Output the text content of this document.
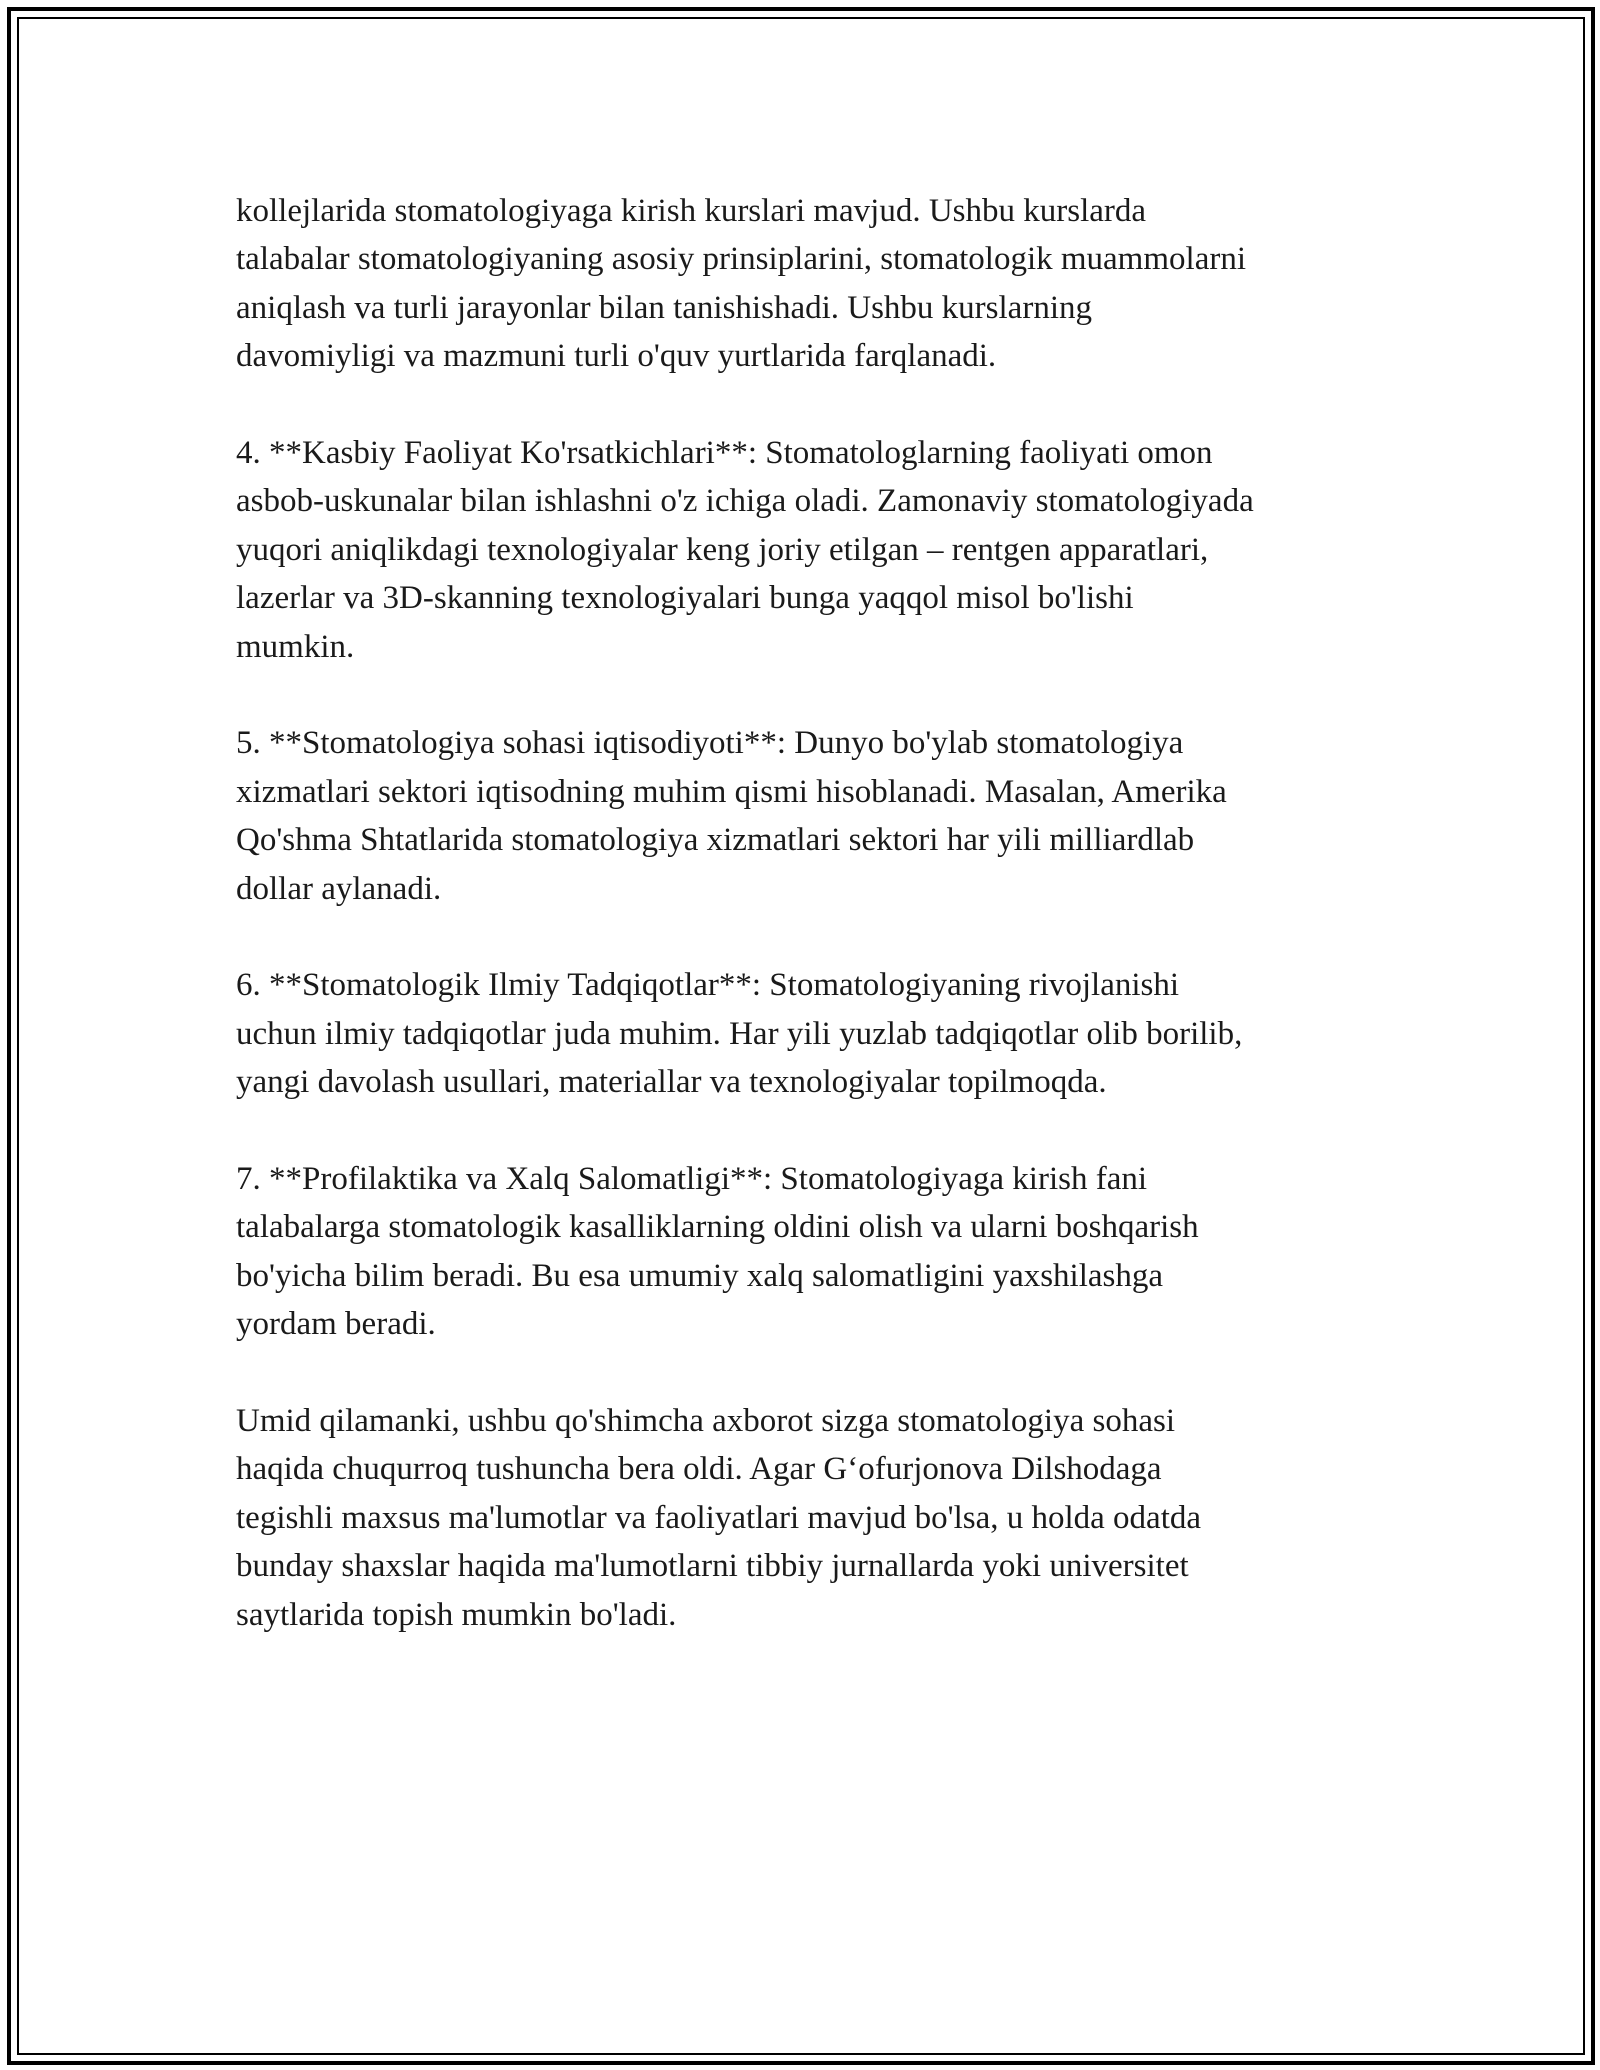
kollejlarida stomatologiyaga kirish kurslari mavjud. Ushbu kurslarda
talabalar stomatologiyaning asosiy prinsiplarini, stomatologik muammolarni
aniqlash va turli jarayonlar bilan tanishishadi. Ushbu kurslarning
davomiyligi va mazmuni turli o'quv yurtlarida farqlanadi.

4. **Kasbiy Faoliyat Ko'rsatkichlari**: Stomatologlarning faoliyati omon
asbob-uskunalar bilan ishlashni o'z ichiga oladi. Zamonaviy stomatologiyada
yuqori aniqlikdagi texnologiyalar keng joriy etilgan – rentgen apparatlari,
lazerlar va 3D-skanning texnologiyalari bunga yaqqol misol bo'lishi
mumkin.

5. **Stomatologiya sohasi iqtisodiyoti**: Dunyo bo'ylab stomatologiya
xizmatlari sektori iqtisodning muhim qismi hisoblanadi. Masalan, Amerika
Qo'shma Shtatlarida stomatologiya xizmatlari sektori har yili milliardlab
dollar aylanadi.

6. **Stomatologik Ilmiy Tadqiqotlar**: Stomatologiyaning rivojlanishi
uchun ilmiy tadqiqotlar juda muhim. Har yili yuzlab tadqiqotlar olib borilib,
yangi davolash usullari, materiallar va texnologiyalar topilmoqda.

7. **Profilaktika va Xalq Salomatligi**: Stomatologiyaga kirish fani
talabalarga stomatologik kasalliklarning oldini olish va ularni boshqarish
bo'yicha bilim beradi. Bu esa umumiy xalq salomatligini yaxshilashga
yordam beradi.

Umid qilamanki, ushbu qo'shimcha axborot sizga stomatologiya sohasi
haqida chuqurroq tushuncha bera oldi. Agar G‘ofurjonova Dilshodaga
tegishli maxsus ma'lumotlar va faoliyatlari mavjud bo'lsa, u holda odatda
bunday shaxslar haqida ma'lumotlarni tibbiy jurnallarda yoki universitet
saytlarida topish mumkin bo'ladi.
